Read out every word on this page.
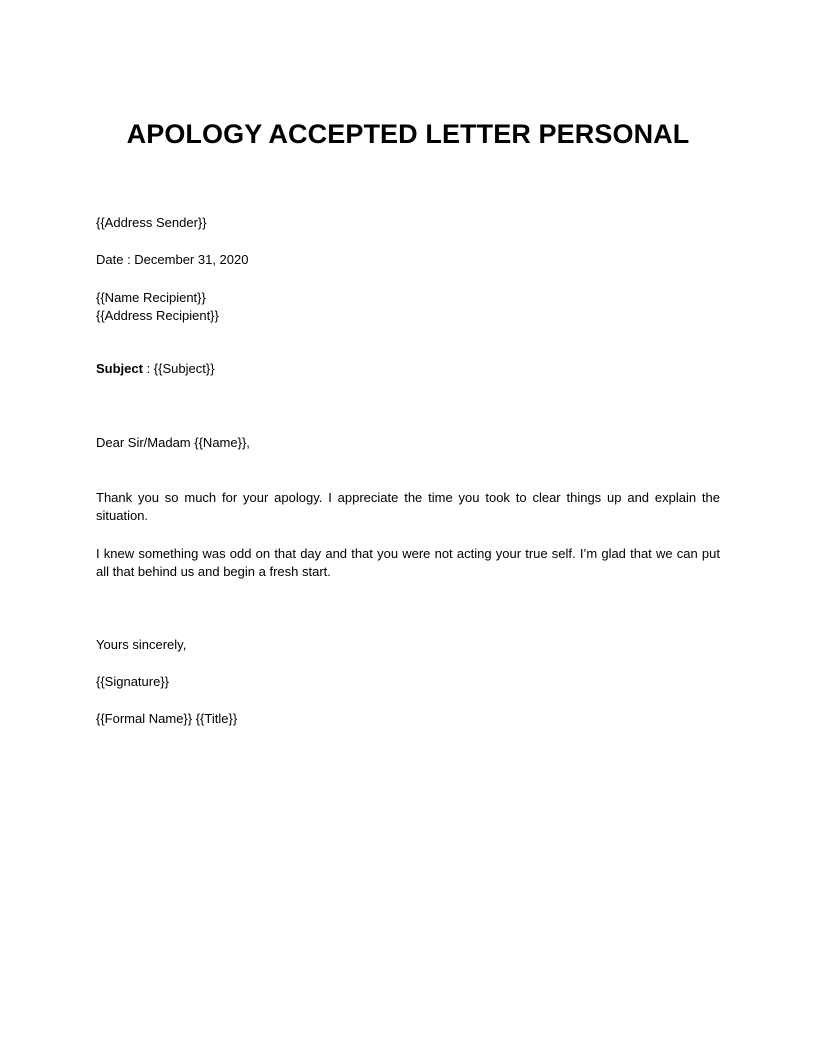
APOLOGY ACCEPTED LETTER PERSONAL
{{Address Sender}}
Date : December 31, 2020
{{Name Recipient}}
{{Address Recipient}}
Subject : {{Subject}}
Dear Sir/Madam {{Name}},
Thank you so much for your apology. I appreciate the time you took to clear things up and explain the situation.
I knew something was odd on that day and that you were not acting your true self. I’m glad that we can put all that behind us and begin a fresh start.
Yours sincerely,
{{Signature}}
{{Formal Name}} {{Title}}
